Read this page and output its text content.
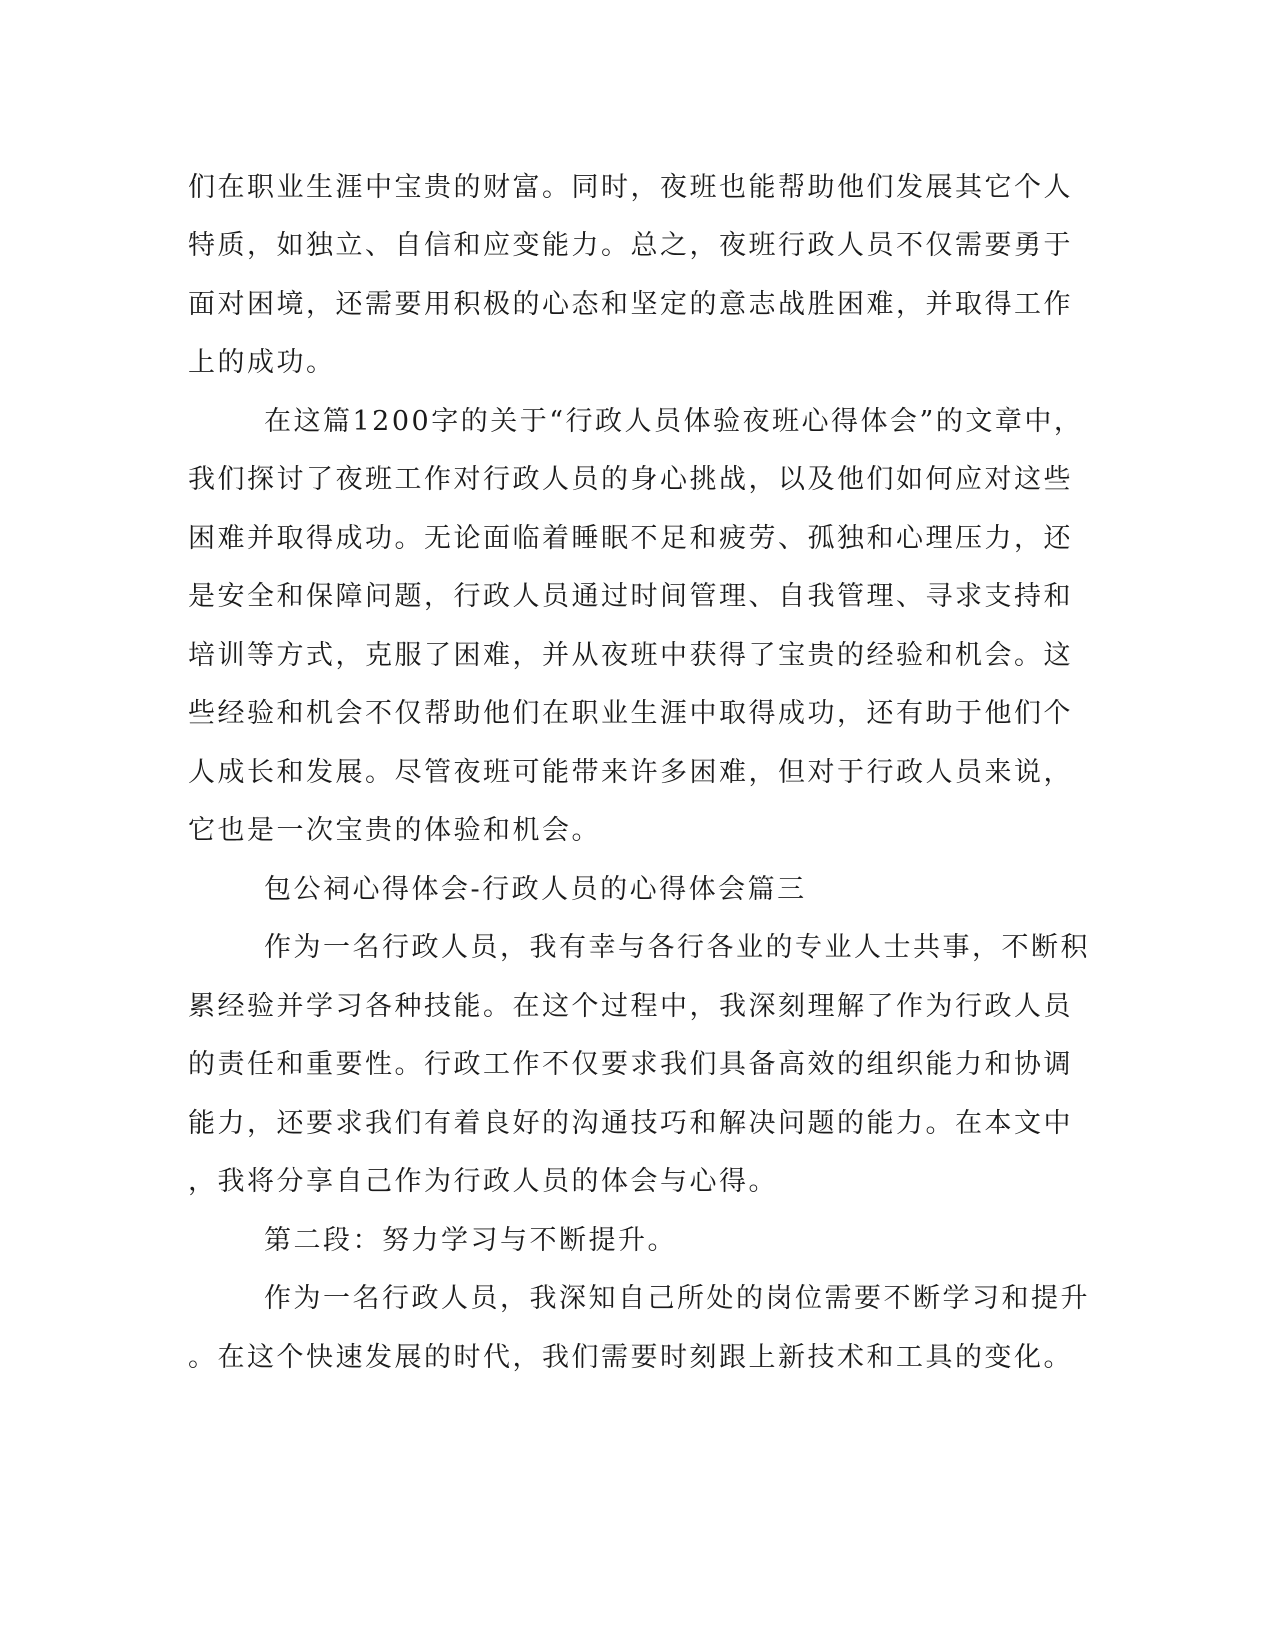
们在职业生涯中宝贵的财富。同时，夜班也能帮助他们发展其它个人
特质，如独立、自信和应变能力。总之，夜班行政人员不仅需要勇于
面对困境，还需要用积极的心态和坚定的意志战胜困难，并取得工作
上的成功。
在这篇1200字的关于“行政人员体验夜班心得体会”的文章中，
我们探讨了夜班工作对行政人员的身心挑战，以及他们如何应对这些
困难并取得成功。无论面临着睡眠不足和疲劳、孤独和心理压力，还
是安全和保障问题，行政人员通过时间管理、自我管理、寻求支持和
培训等方式，克服了困难，并从夜班中获得了宝贵的经验和机会。这
些经验和机会不仅帮助他们在职业生涯中取得成功，还有助于他们个
人成长和发展。尽管夜班可能带来许多困难，但对于行政人员来说，
它也是一次宝贵的体验和机会。
包公祠心得体会-行政人员的心得体会篇三
作为一名行政人员，我有幸与各行各业的专业人士共事，不断积
累经验并学习各种技能。在这个过程中，我深刻理解了作为行政人员
的责任和重要性。行政工作不仅要求我们具备高效的组织能力和协调
能力，还要求我们有着良好的沟通技巧和解决问题的能力。在本文中
，我将分享自己作为行政人员的体会与心得。
第二段：努力学习与不断提升。
作为一名行政人员，我深知自己所处的岗位需要不断学习和提升
。在这个快速发展的时代，我们需要时刻跟上新技术和工具的变化。
